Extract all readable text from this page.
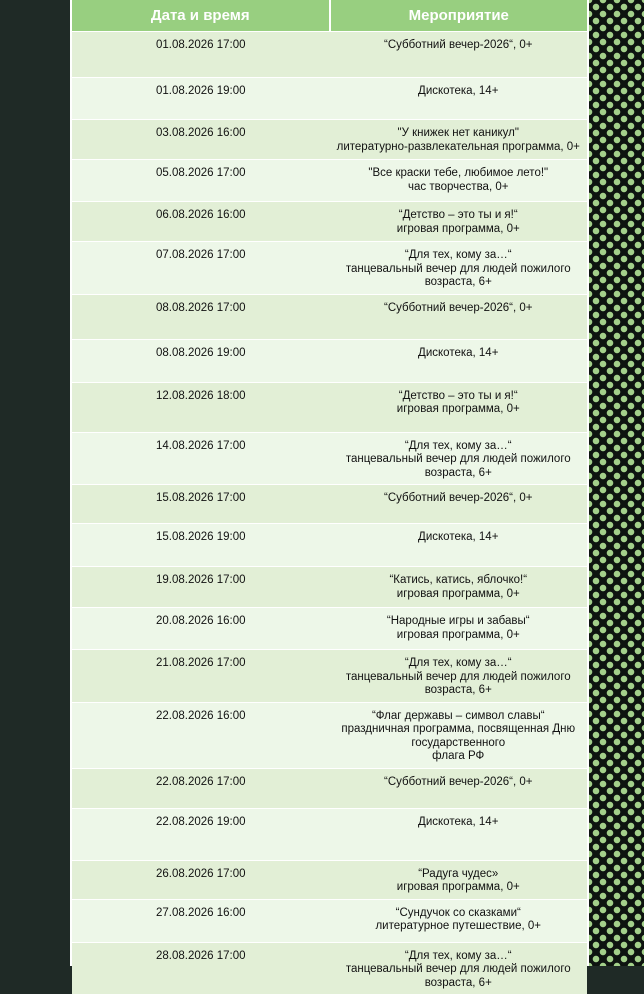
Дата и время	Мероприятие
01.08.2026 17:00	“Субботний вечер-2026“, 0+

01.08.2026 19:00	Дискотека, 14+

03.08.2026 16:00	"У книжек нет каникул"
литературно-развлекательная программа, 0+

05.08.2026 17:00	"Все краски тебе, любимое лето!"
час творчества, 0+

06.08.2026 16:00	“Детство – это ты и я!“
игровая программа, 0+

07.08.2026 17:00	“Для тех, кому за…“
танцевальный вечер для людей пожилого возраста, 6+

08.08.2026 17:00	“Субботний вечер-2026“, 0+

08.08.2026 19:00	Дискотека, 14+

12.08.2026 18:00	“Детство – это ты и я!“
игровая программа, 0+

14.08.2026 17:00	“Для тех, кому за…“
танцевальный вечер для людей пожилого возраста, 6+

15.08.2026 17:00	“Субботний вечер-2026“, 0+

15.08.2026 19:00	Дискотека, 14+

19.08.2026 17:00	“Катись, катись, яблочко!“
игровая программа, 0+

20.08.2026 16:00	“Народные игры и забавы“
игровая программа, 0+

21.08.2026 17:00	“Для тех, кому за…“
танцевальный вечер для людей пожилого возраста, 6+

22.08.2026 16:00	“Флаг державы – символ славы“
праздничная программа, посвященная Дню государственного
флага РФ

22.08.2026 17:00	“Субботний вечер-2026“, 0+

22.08.2026 19:00	Дискотека, 14+

26.08.2026 17:00	“Радуга чудес»
игровая программа, 0+

27.08.2026 16:00	“Сундучок со сказками“
литературное путешествие, 0+

28.08.2026 17:00	“Для тех, кому за…“
танцевальный вечер для людей пожилого возраста, 6+
